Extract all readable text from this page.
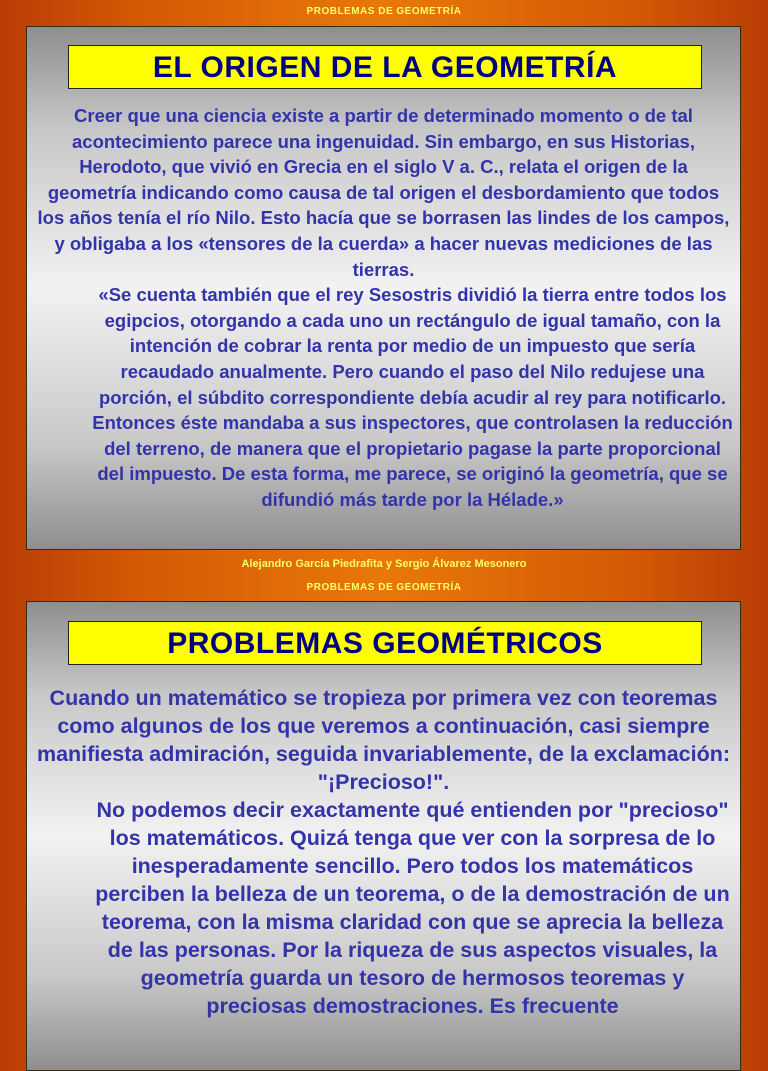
PROBLEMAS DE GEOMETRÍA
EL ORIGEN DE LA GEOMETRÍA

Creer que una ciencia existe a partir de determinado momento o de tal acontecimiento parece una ingenuidad. Sin embargo, en sus Historias, Herodoto, que vivió en Grecia en el siglo V a. C., relata el origen de la geometría indicando como causa de tal origen el desbordamiento que todos los años tenía el río Nilo. Esto hacía que se borrasen las lindes de los campos, y obligaba a los «tensores de la cuerda» a hacer nuevas mediciones de las tierras.

«Se cuenta también que el rey Sesostris dividió la tierra entre todos los egipcios, otorgando a cada uno un rectángulo de igual tamaño, con la intención de cobrar la renta por medio de un impuesto que sería recaudado anualmente. Pero cuando el paso del Nilo redujese una porción, el súbdito correspondiente debía acudir al rey para notificarlo. Entonces éste mandaba a sus inspectores, que controlasen la reducción del terreno, de manera que el propietario pagase la parte proporcional del impuesto. De esta forma, me parece, se originó la geometría, que se difundió más tarde por la Hélade.»

Alejandro García Piedrafita y Sergio Álvarez Mesonero
PROBLEMAS DE GEOMETRÍA
PROBLEMAS GEOMÉTRICOS

Cuando un matemático se tropieza por primera vez con teoremas como algunos de los que veremos a continuación, casi siempre manifiesta admiración, seguida invariablemente, de la exclamación: "¡Precioso!".

No podemos decir exactamente qué entienden por "precioso" los matemáticos. Quizá tenga que ver con la sorpresa de lo inesperadamente sencillo. Pero todos los matemáticos perciben la belleza de un teorema, o de la demostración de un teorema, con la misma claridad con que se aprecia la belleza de las personas. Por la riqueza de sus aspectos visuales, la geometría guarda un tesoro de hermosos teoremas y preciosas demostraciones. Es frecuente
